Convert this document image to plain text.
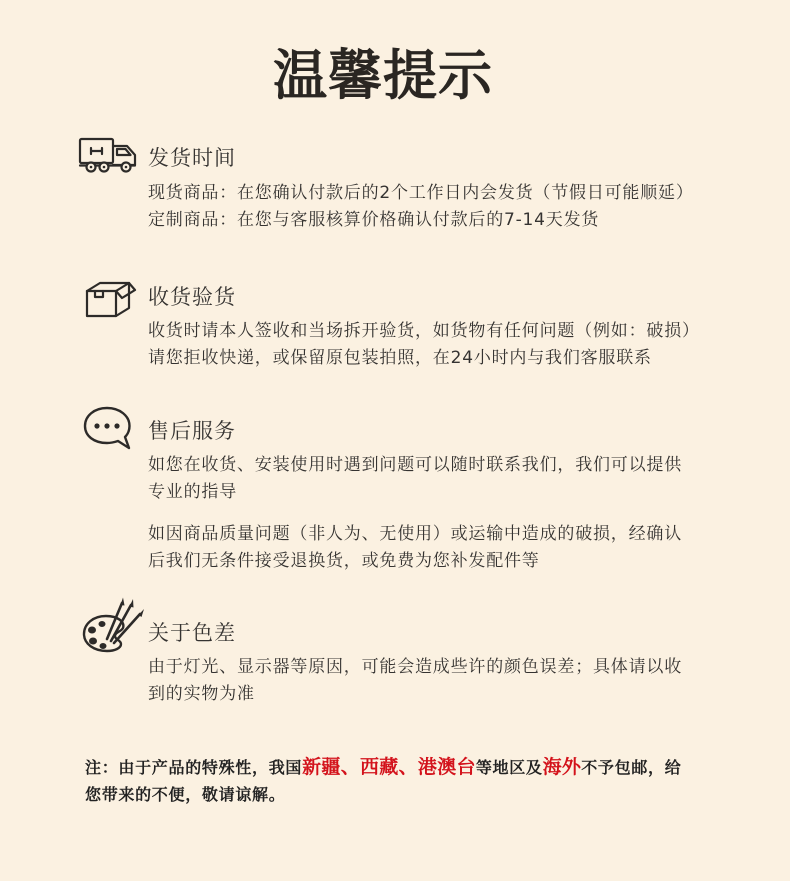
温馨提示
发货时间

现货商品：在您确认付款后的2个工作日内会发货（节假日可能顺延）
定制商品：在您与客服核算价格确认付款后的7-14天发货

收货验货

收货时请本人签收和当场拆开验货，如货物有任何问题（例如：破损）
请您拒收快递，或保留原包装拍照，在24小时内与我们客服联系

售后服务

如您在收货、安装使用时遇到问题可以随时联系我们，我们可以提供
专业的指导

如因商品质量问题（非人为、无使用）或运输中造成的破损，经确认
后我们无条件接受退换货，或免费为您补发配件等

关于色差

由于灯光、显示器等原因，可能会造成些许的颜色误差；具体请以收
到的实物为准

注：由于产品的特殊性，我国新疆、西藏、港澳台等地区及海外不予包邮，给
您带来的不便，敬请谅解。
